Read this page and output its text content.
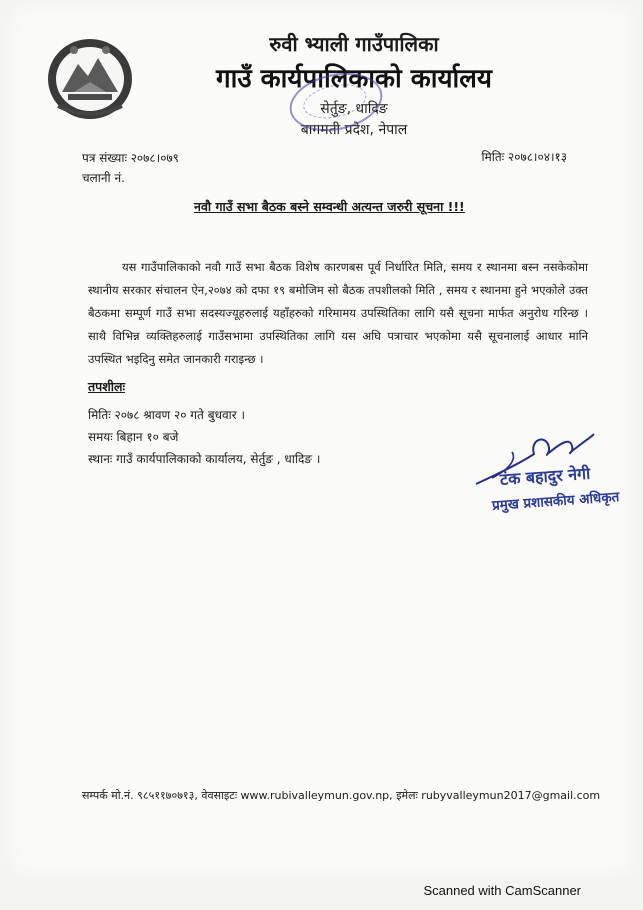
रुवी भ्याली गाउँपालिका
गाउँ कार्यपालिकाको कार्यालय
सेर्तुङ, धादिङ
बागमती प्रदेश, नेपाल
पत्र संख्याः २०७८।०७९
चलानी नं.
मितिः २०७८।०४।१३
नवौ गाउँ सभा बैठक बस्ने सम्वन्धी अत्यन्त जरुरी सूचना !!!
यस गाउँपालिकाको नवौ गाउँ सभा बैठक विशेष कारणबस पूर्व निर्धारित मिति, समय र स्थानमा बस्न नसकेकोमा स्थानीय सरकार संचालन ऐन,२०७४ को दफा १९ बमोजिम सो बैठक तपशीलको मिति , समय र स्थानमा हुने भएकोले उक्त बैठकमा सम्पूर्ण गाउँ सभा सदस्यज्यूहरुलाई यहाँहरुको गरिमामय उपस्थितिका लागि यसै सूचना मार्फत अनुरोध गरिन्छ । साथै विभिन्न व्यक्तिहरुलाई गाउँसभामा उपस्थितिका लागि यस अघि पत्राचार भएकोमा यसै सूचनालाई आधार मानि उपस्थित भइदिनु समेत जानकारी गराइन्छ ।
तपशीलः
मितिः २०७८ श्रावण २० गते बुधवार ।
समयः बिहान १० बजे
स्थानः गाउँ कार्यपालिकाको कार्यालय, सेर्तुङ , धादिङ ।
टंक बहादुर नेगी
प्रमुख प्रशासकीय अधिकृत
सम्पर्क मो.नं. ९८५११७०७१३, वेवसाइटः www.rubivalleymun.gov.np, इमेलः rubyvalleymun2017@gmail.com
Scanned with CamScanner
